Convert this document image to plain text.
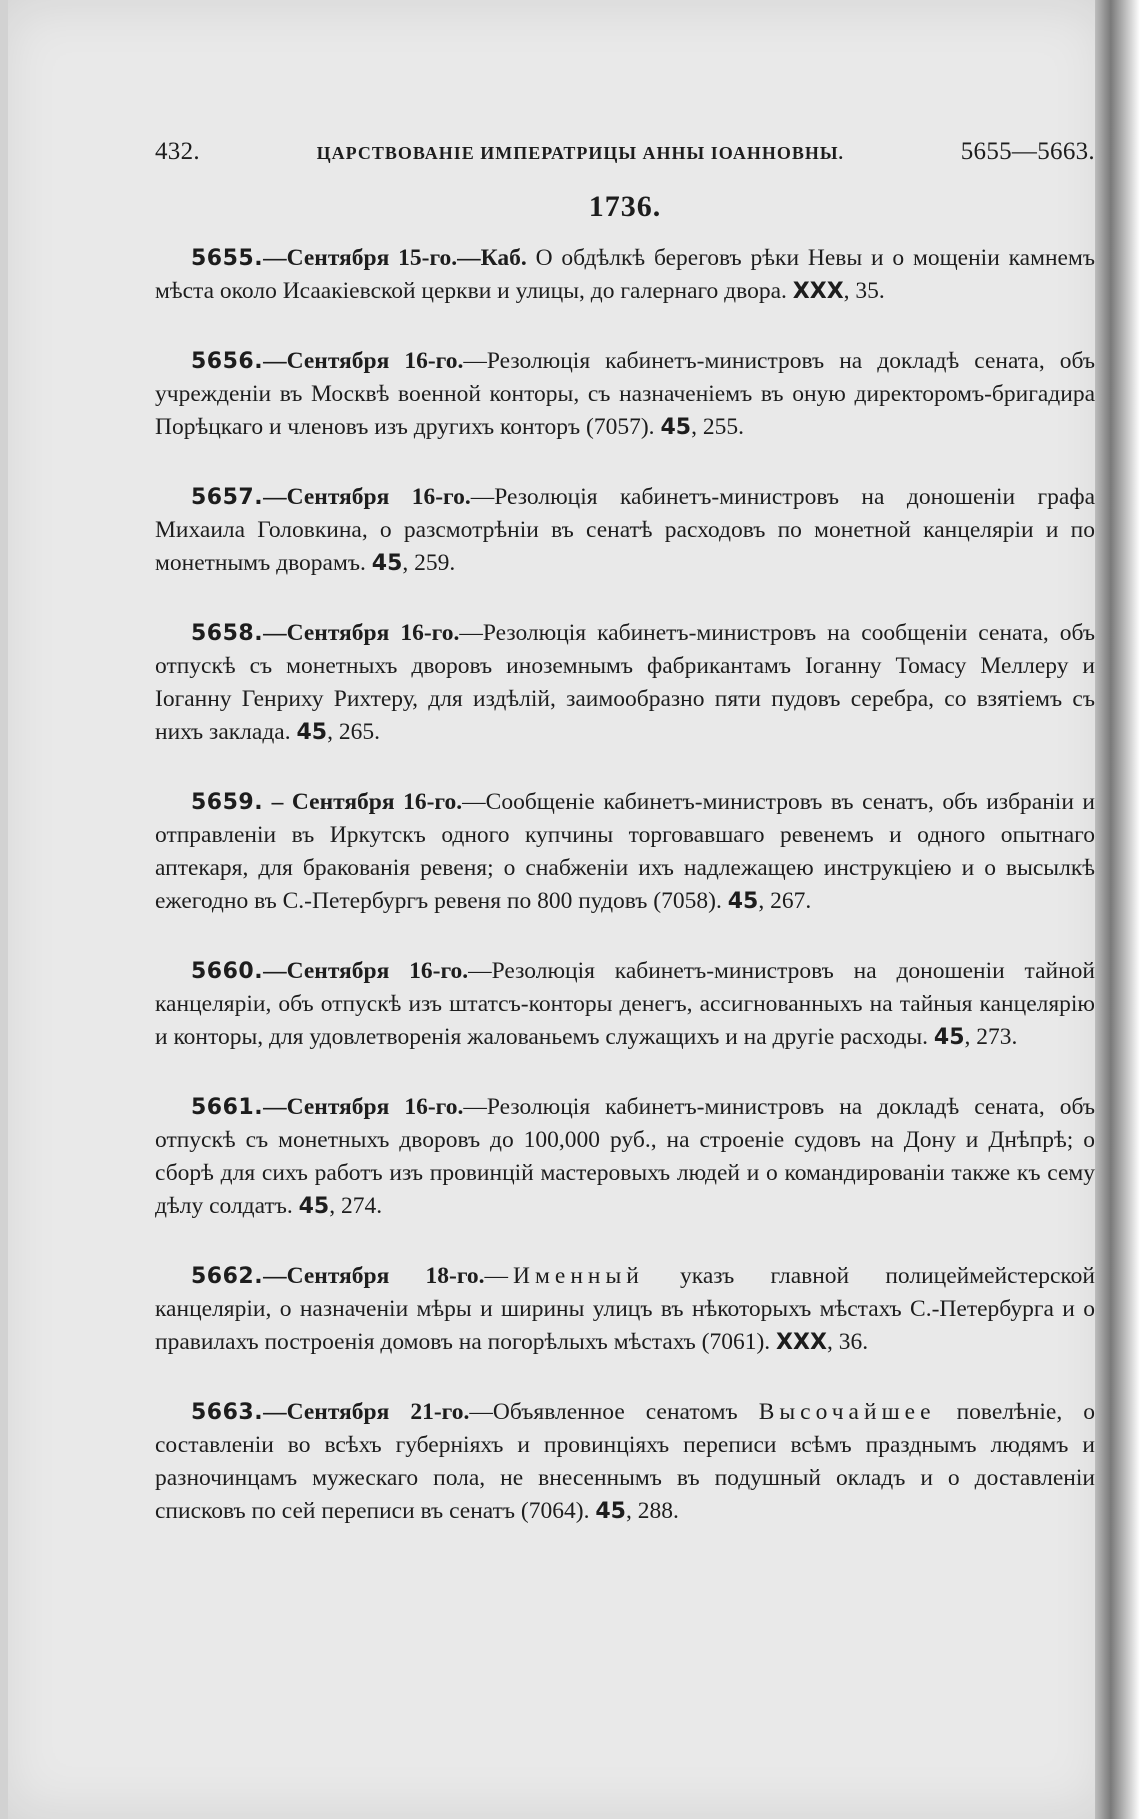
432.	ЦАРСТВОВАНІЕ ИМПЕРАТРИЦЫ АННЫ ІОАННОВНЫ.	5655—5663.
1736.

5655.—Сентября 15-го.—Каб. О обдѣлкѣ береговъ рѣки Невы и о мощеніи камнемъ мѣста около Исаакіевской церкви и улицы, до галернаго двора. XXX, 35.

5656.—Сентября 16-го.—Резолюція кабинетъ-министровъ на докладѣ сената, объ учрежденіи въ Москвѣ военной конторы, съ назначеніемъ въ оную директоромъ-бригадира Порѣцкаго и членовъ изъ другихъ конторъ (7057). 45, 255.

5657.—Сентября 16-го.—Резолюція кабинетъ-министровъ на доношеніи графа Михаила Головкина, о разсмотрѣніи въ сенатѣ расходовъ по монетной канцеляріи и по монетнымъ дворамъ. 45, 259.

5658.—Сентября 16-го.—Резолюція кабинетъ-министровъ на сообщеніи сената, объ отпускѣ съ монетныхъ дворовъ иноземнымъ фабрикантамъ Іоганну Томасу Меллеру и Іоганну Генриху Рихтеру, для издѣлій, заимообразно пяти пудовъ серебра, со взятіемъ съ нихъ заклада. 45, 265.

5659. – Сентября 16-го.—Сообщеніе кабинетъ-министровъ въ сенатъ, объ избраніи и отправленіи въ Иркутскъ одного купчины торговавшаго ревенемъ и одного опытнаго аптекаря, для бракованія ревеня; о снабженіи ихъ надлежащею инструкціею и о высылкѣ ежегодно въ С.-Петербургъ ревеня по 800 пудовъ (7058). 45, 267.

5660.—Сентября 16-го.—Резолюція кабинетъ-министровъ на доношеніи тайной канцеляріи, объ отпускѣ изъ штатсъ-конторы денегъ, ассигнованныхъ на тайныя канцелярію и конторы, для удовлетворенія жалованьемъ служащихъ и на другіе расходы. 45, 273.

5661.—Сентября 16-го.—Резолюція кабинетъ-министровъ на докладѣ сената, объ отпускѣ съ монетныхъ дворовъ до 100,000 руб., на строеніе судовъ на Дону и Днѣпрѣ; о сборѣ для сихъ работъ изъ провинцій мастеровыхъ людей и о командированіи также къ сему дѣлу солдатъ. 45, 274.

5662.—Сентября 18-го.—Именный указъ главной полицеймейстерской канцеляріи, о назначеніи мѣры и ширины улицъ въ нѣкоторыхъ мѣстахъ С.-Петербурга и о правилахъ построенія домовъ на погорѣлыхъ мѣстахъ (7061). XXX, 36.

5663.—Сентября 21-го.—Объявленное сенатомъ Высочайшее повелѣніе, о составленіи во всѣхъ губерніяхъ и провинціяхъ переписи всѣмъ празднымъ людямъ и разночинцамъ мужескаго пола, не внесеннымъ въ подушный окладъ и о доставленіи списковъ по сей переписи въ сенатъ (7064). 45, 288.
